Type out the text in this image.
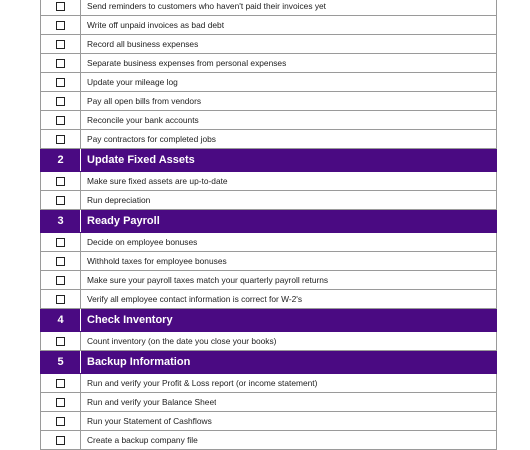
Send reminders to customers who haven't paid their invoices yet
Write off unpaid invoices as bad debt
Record all business expenses
Separate business expenses from personal expenses
Update your mileage log
Pay all open bills from vendors
Reconcile your bank accounts
Pay contractors for completed jobs
2	Update Fixed Assets
Make sure fixed assets are up-to-date
Run depreciation
3	Ready Payroll
Decide on employee bonuses
Withhold taxes for employee bonuses
Make sure your payroll taxes match your quarterly payroll returns
Verify all employee contact information is correct for W-2's
4	Check Inventory
Count inventory (on the date you close your books)
5	Backup Information
Run and verify your Profit & Loss report (or income statement)
Run and verify your Balance Sheet
Run your Statement of Cashflows
Create a backup company file
